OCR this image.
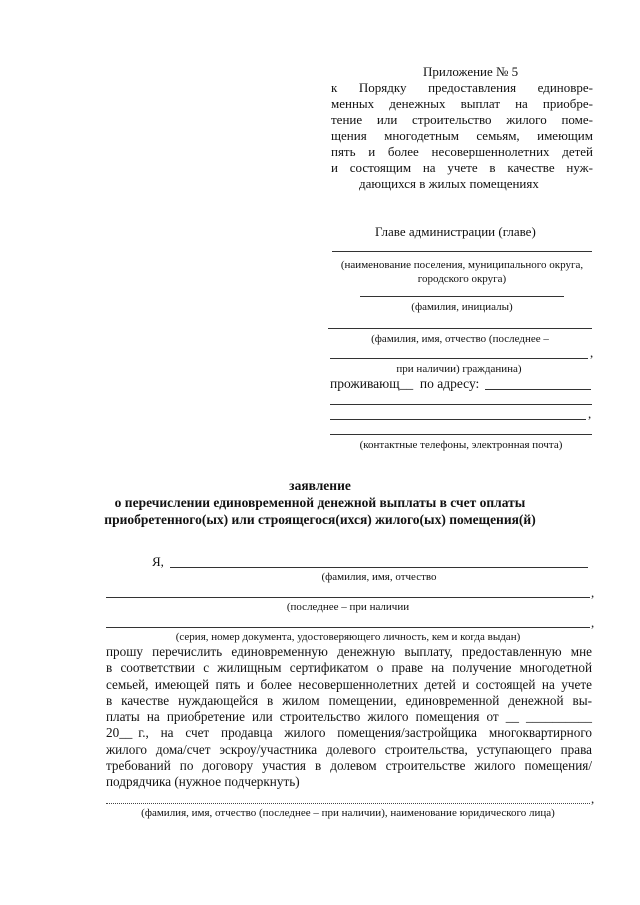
Приложение № 5
к  Порядку  предоставления  единовре-
менных денежных выплат на приобре-
тение  или  строительство  жилого  поме-
щения  многодетным  семьям,  имеющим
пять и более несовершеннолетних детей
и  состоящим  на  учете  в  качестве  нуж-
дающихся в жилых помещениях
Главе администрации (главе)
(наименование поселения, муниципального округа,
городского округа)
(фамилия, инициалы)
(фамилия, имя, отчество (последнее –
,
при наличии) гражданина)
проживающ__  по адресу:
,
(контактные телефоны, электронная почта)
заявление
о перечислении единовременной денежной выплаты в счет оплаты
приобретенного(ых) или строящегося(ихся) жилого(ых) помещения(й)
Я,
(фамилия, имя, отчество
,
(последнее – при наличии
,
(серия, номер документа, удостоверяющего личность, кем и когда выдан)
прошу перечислить единовременную денежную выплату, предоставленную мне
в соответствии с жилищным сертификатом о праве на получение многодетной
семьей, имеющей пять и более несовершеннолетних детей и состоящей на учете
в качестве нуждающейся в жилом помещении, единовременной денежной вы-
платы на приобретение или строительство жилого помещения от __ __________
20__ г.,  на  счет  продавца  жилого  помещения/застройщика  многоквартирного
жилого дома/счет эскроу/участника долевого строительства, уступающего права
требований по договору участия в долевом строительстве жилого помещения/
подрядчика (нужное подчеркнуть)
,
(фамилия, имя, отчество (последнее – при наличии), наименование юридического лица)
